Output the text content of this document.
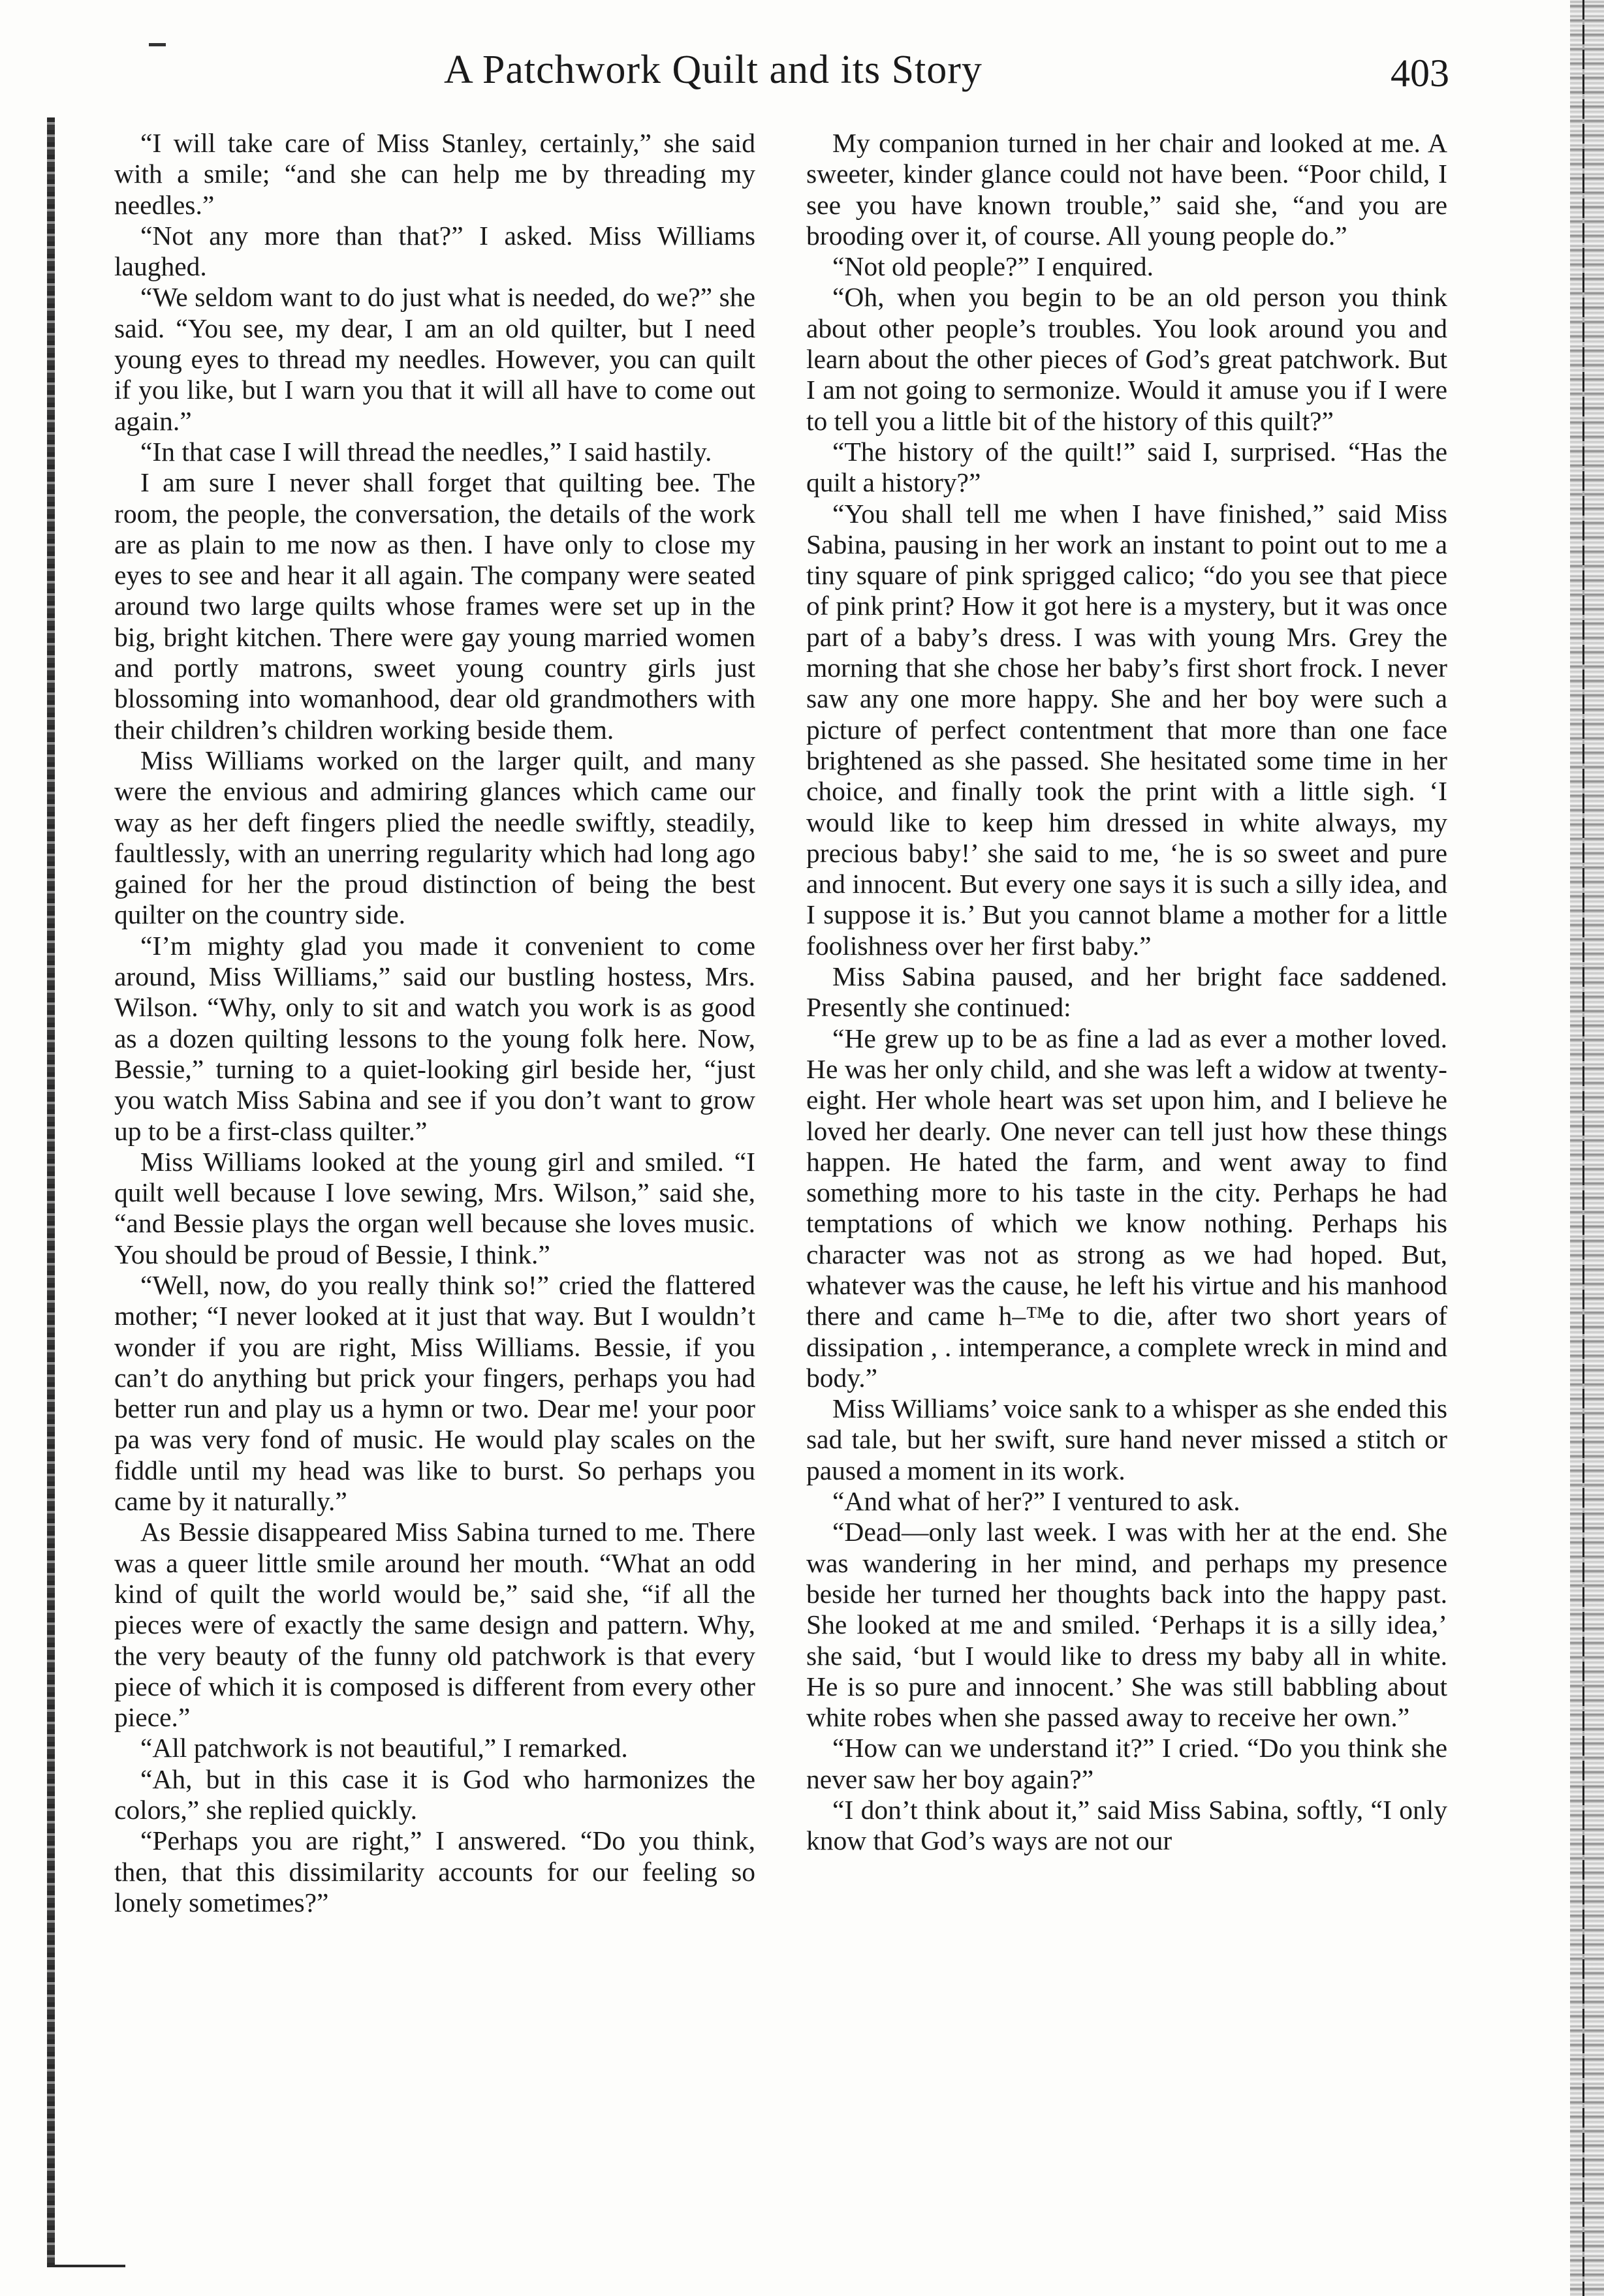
A Patchwork Quilt and its Story	403

“I will take care of Miss Stanley, certainly,” she said with a smile; “and she can help me by threading my needles.”

“Not any more than that?” I asked. Miss Williams laughed.

“We seldom want to do just what is needed, do we?” she said. “You see, my dear, I am an old quilter, but I need young eyes to thread my needles. However, you can quilt if you like, but I warn you that it will all have to come out again.”

“In that case I will thread the needles,” I said hastily.

I am sure I never shall forget that quilting bee. The room, the people, the conversation, the details of the work are as plain to me now as then. I have only to close my eyes to see and hear it all again. The company were seated around two large quilts whose frames were set up in the big, bright kitchen. There were gay young married women and portly matrons, sweet young country girls just blossoming into womanhood, dear old grandmothers with their children’s children working beside them.

Miss Williams worked on the larger quilt, and many were the envious and admiring glances which came our way as her deft fingers plied the needle swiftly, steadily, faultlessly, with an unerring regularity which had long ago gained for her the proud distinction of being the best quilter on the country side.

“I’m mighty glad you made it convenient to come around, Miss Williams,” said our bustling hostess, Mrs. Wilson. “Why, only to sit and watch you work is as good as a dozen quilting lessons to the young folk here. Now, Bessie,” turning to a quiet-looking girl beside her, “just you watch Miss Sabina and see if you don’t want to grow up to be a first-class quilter.”

Miss Williams looked at the young girl and smiled. “I quilt well because I love sewing, Mrs. Wilson,” said she, “and Bessie plays the organ well because she loves music. You should be proud of Bessie, I think.”

“Well, now, do you really think so!” cried the flattered mother; “I never looked at it just that way. But I wouldn’t wonder if you are right, Miss Williams. Bessie, if you can’t do anything but prick your fingers, perhaps you had better run and play us a hymn or two. Dear me! your poor pa was very fond of music. He would play scales on the fiddle until my head was like to burst. So perhaps you came by it naturally.”

As Bessie disappeared Miss Sabina turned to me. There was a queer little smile around her mouth. “What an odd kind of quilt the world would be,” said she, “if all the pieces were of exactly the same design and pattern. Why, the very beauty of the funny old patchwork is that every piece of which it is composed is different from every other piece.”

“All patchwork is not beautiful,” I remarked.

“Ah, but in this case it is God who harmonizes the colors,” she replied quickly.

“Perhaps you are right,” I answered. “Do you think, then, that this dissimilarity accounts for our feeling so lonely sometimes?”

My companion turned in her chair and looked at me. A sweeter, kinder glance could not have been. “Poor child, I see you have known trouble,” said she, “and you are brooding over it, of course. All young people do.”

“Not old people?” I enquired.

“Oh, when you begin to be an old person you think about other people’s troubles. You look around you and learn about the other pieces of God’s great patchwork. But I am not going to sermonize. Would it amuse you if I were to tell you a little bit of the history of this quilt?”

“The history of the quilt!” said I, surprised. “Has the quilt a history?”

“You shall tell me when I have finished,” said Miss Sabina, pausing in her work an instant to point out to me a tiny square of pink sprigged calico; “do you see that piece of pink print? How it got here is a mystery, but it was once part of a baby’s dress. I was with young Mrs. Grey the morning that she chose her baby’s first short frock. I never saw any one more happy. She and her boy were such a picture of perfect contentment that more than one face brightened as she passed. She hesitated some time in her choice, and finally took the print with a little sigh. ‘I would like to keep him dressed in white always, my precious baby!’ she said to me, ‘he is so sweet and pure and innocent. But every one says it is such a silly idea, and I suppose it is.’ But you cannot blame a mother for a little foolishness over her first baby.”

Miss Sabina paused, and her bright face saddened. Presently she continued:

“He grew up to be as fine a lad as ever a mother loved. He was her only child, and she was left a widow at twenty-eight. Her whole heart was set upon him, and I believe he loved her dearly. One never can tell just how these things happen. He hated the farm, and went away to find something more to his taste in the city. Perhaps he had temptations of which we know nothing. Perhaps his character was not as strong as we had hoped. But, whatever was the cause, he left his virtue and his manhood there and came h‒™e to die, after two short years of dissipation , . intemperance, a complete wreck in mind and body.”

Miss Williams’ voice sank to a whisper as she ended this sad tale, but her swift, sure hand never missed a stitch or paused a moment in its work.

“And what of her?” I ventured to ask.

“Dead—only last week. I was with her at the end. She was wandering in her mind, and perhaps my presence beside her turned her thoughts back into the happy past. She looked at me and smiled. ‘Perhaps it is a silly idea,’ she said, ‘but I would like to dress my baby all in white. He is so pure and innocent.’ She was still babbling about white robes when she passed away to receive her own.”

“How can we understand it?” I cried. “Do you think she never saw her boy again?”

“I don’t think about it,” said Miss Sabina, softly, “I only know that God’s ways are not our
